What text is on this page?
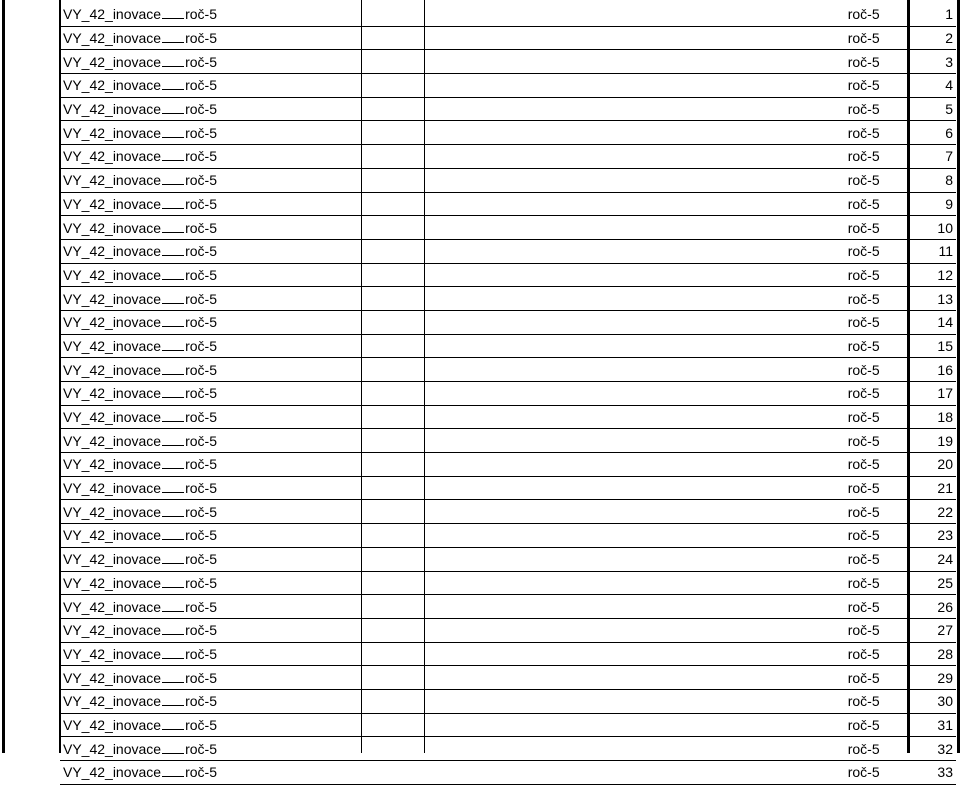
VY_42_inovace roč-5	roč-5	1
VY_42_inovace roč-5	roč-5	2
VY_42_inovace roč-5	roč-5	3
VY_42_inovace roč-5	roč-5	4
VY_42_inovace roč-5	roč-5	5
VY_42_inovace roč-5	roč-5	6
VY_42_inovace roč-5	roč-5	7
VY_42_inovace roč-5	roč-5	8
VY_42_inovace roč-5	roč-5	9
VY_42_inovace roč-5	roč-5	10
VY_42_inovace roč-5	roč-5	11
VY_42_inovace roč-5	roč-5	12
VY_42_inovace roč-5	roč-5	13
VY_42_inovace roč-5	roč-5	14
VY_42_inovace roč-5	roč-5	15
VY_42_inovace roč-5	roč-5	16
VY_42_inovace roč-5	roč-5	17
VY_42_inovace roč-5	roč-5	18
VY_42_inovace roč-5	roč-5	19
VY_42_inovace roč-5	roč-5	20
VY_42_inovace roč-5	roč-5	21
VY_42_inovace roč-5	roč-5	22
VY_42_inovace roč-5	roč-5	23
VY_42_inovace roč-5	roč-5	24
VY_42_inovace roč-5	roč-5	25
VY_42_inovace roč-5	roč-5	26
VY_42_inovace roč-5	roč-5	27
VY_42_inovace roč-5	roč-5	28
VY_42_inovace roč-5	roč-5	29
VY_42_inovace roč-5	roč-5	30
VY_42_inovace roč-5	roč-5	31
VY_42_inovace roč-5	roč-5	32
VY_42_inovace roč-5	roč-5	33
